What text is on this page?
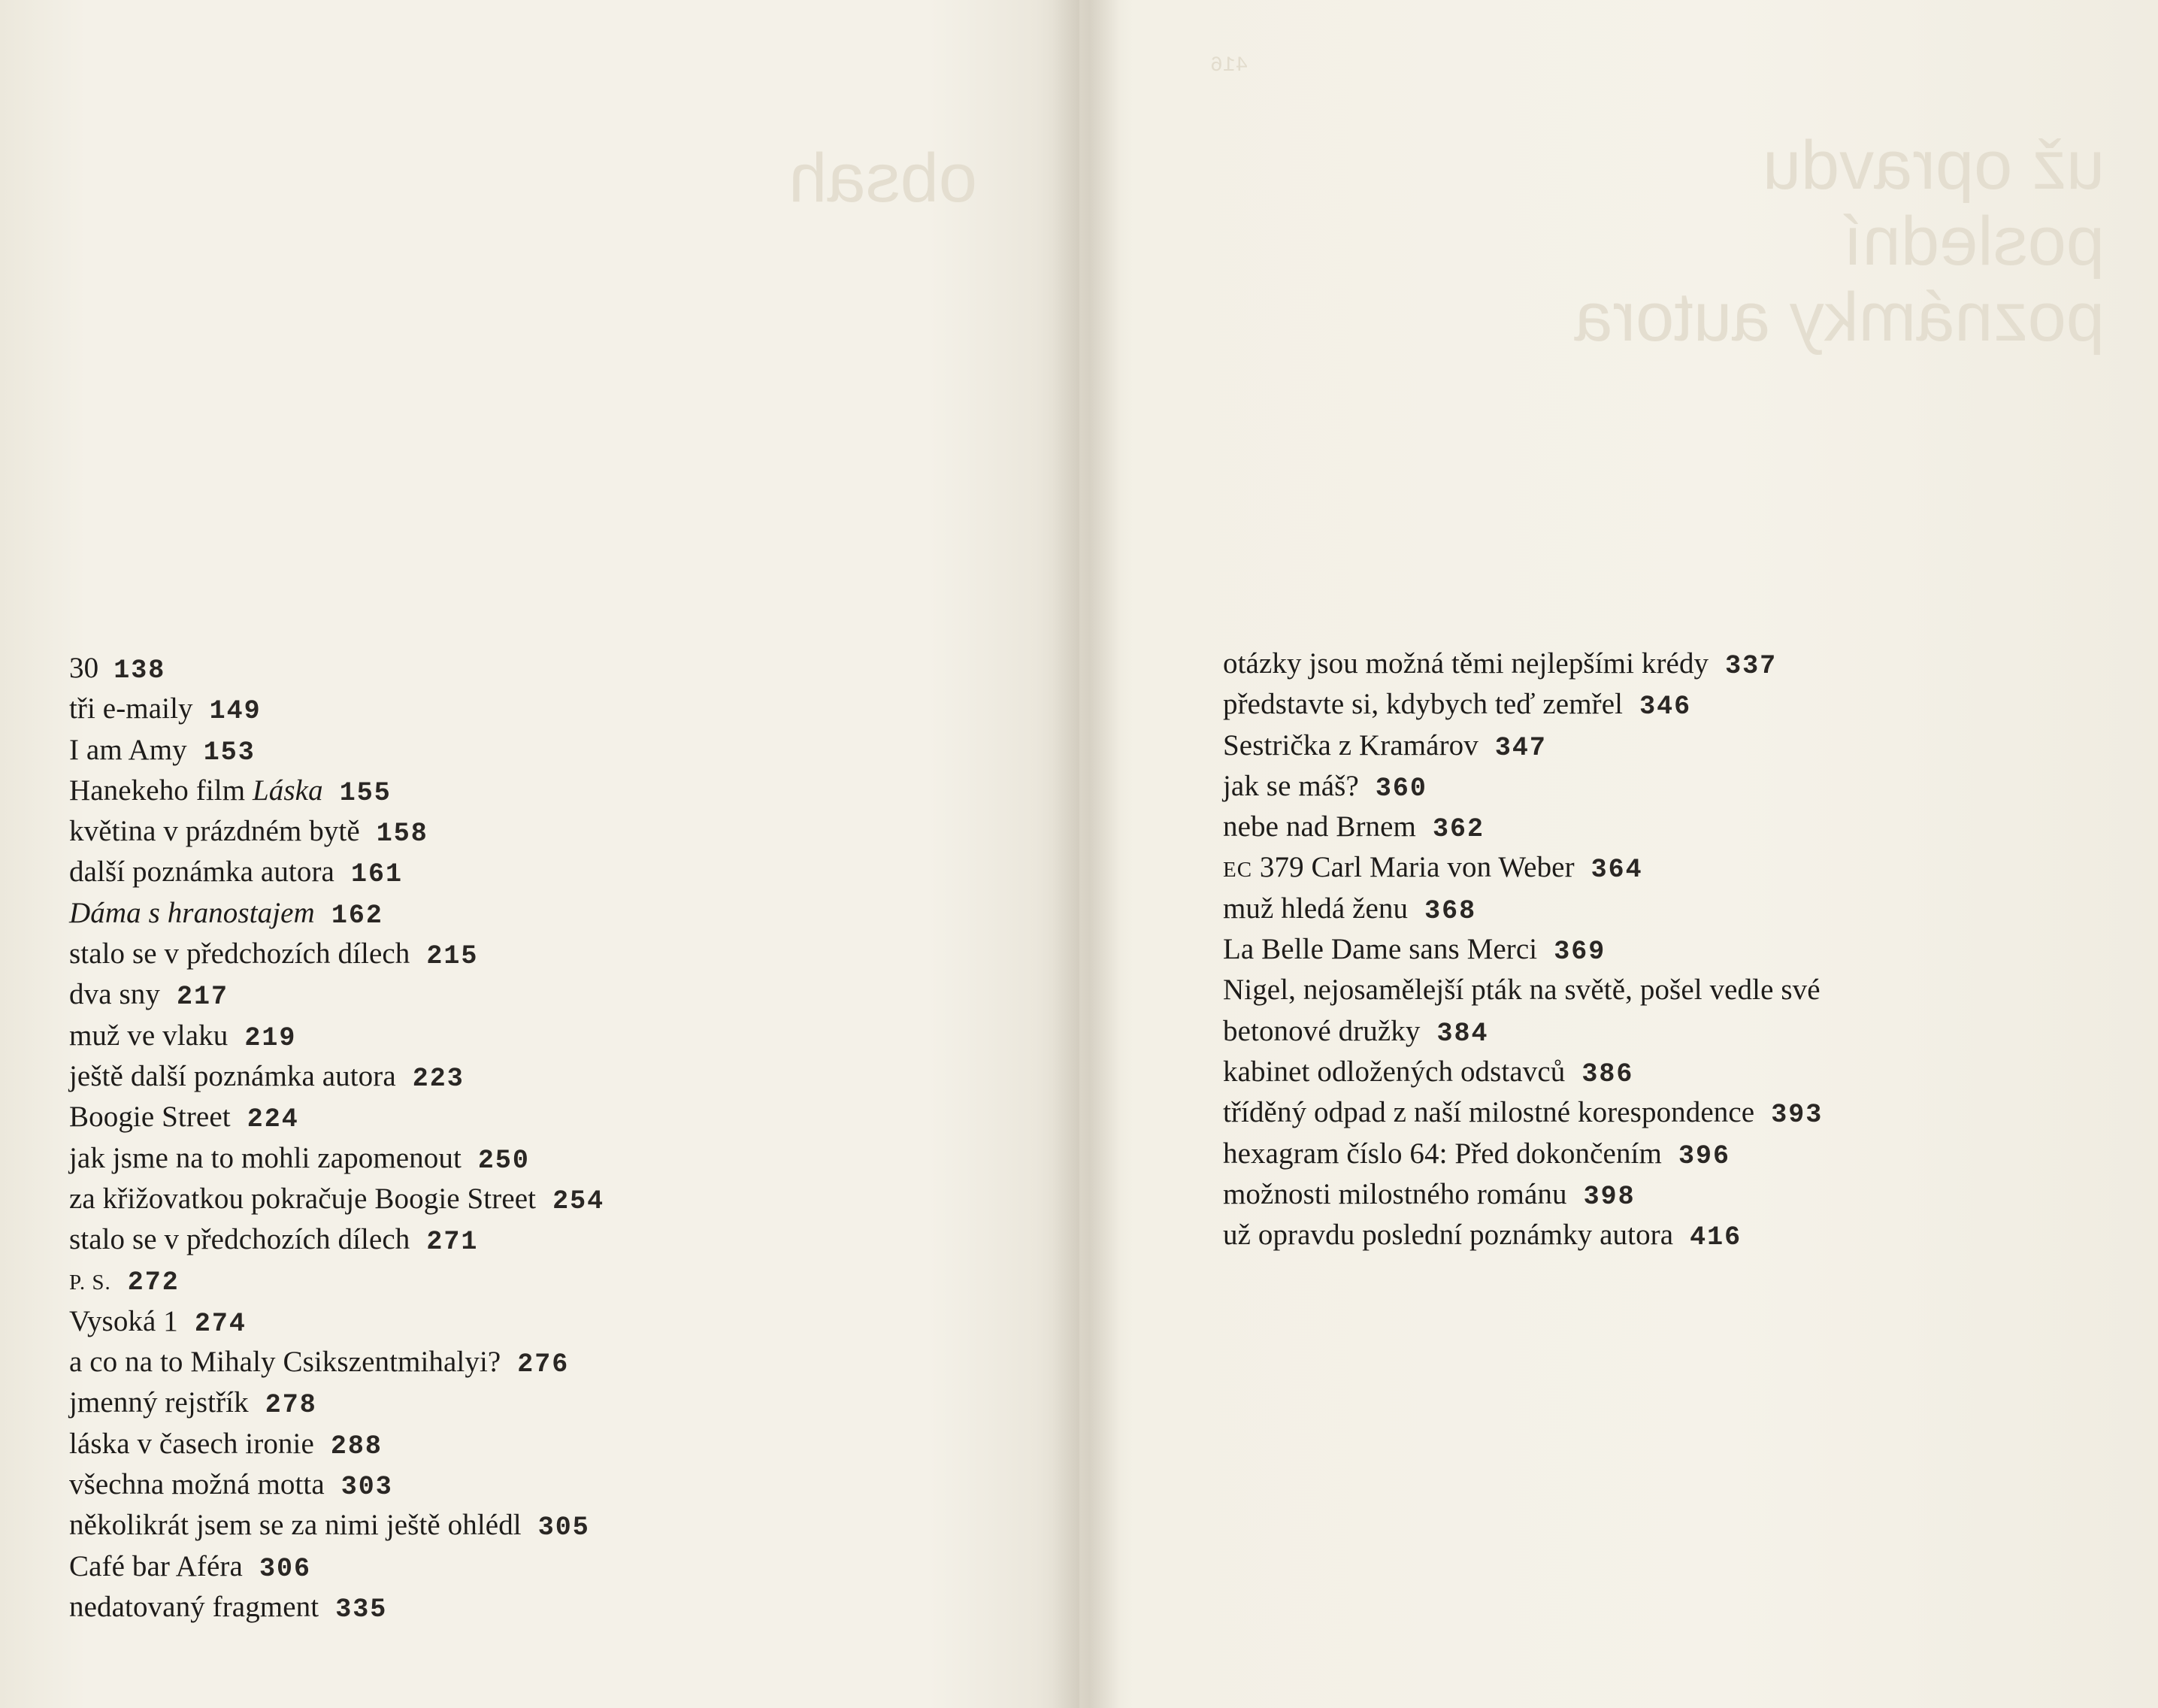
obsah
416
už opravdu
poslední
poznámky autora
30 138
tři e-maily 149
I am Amy 153
Hanekeho film Láska 155
květina v prázdném bytě 158
další poznámka autora 161
Dáma s hranostajem 162
stalo se v předchozích dílech 215
dva sny 217
muž ve vlaku 219
ještě další poznámka autora 223
Boogie Street 224
jak jsme na to mohli zapomenout 250
za křižovatkou pokračuje Boogie Street 254
stalo se v předchozích dílech 271
P. S. 272
Vysoká 1 274
a co na to Mihaly Csikszentmihalyi? 276
jmenný rejstřík 278
láska v časech ironie 288
všechna možná motta 303
několikrát jsem se za nimi ještě ohlédl 305
Café bar Aféra 306
nedatovaný fragment 335
otázky jsou možná těmi nejlepšími krédy 337
představte si, kdybych teď zemřel 346
Sestrička z Kramárov 347
jak se máš? 360
nebe nad Brnem 362
EC 379 Carl Maria von Weber 364
muž hledá ženu 368
La Belle Dame sans Merci 369
Nigel, nejosamělejší pták na světě, pošel vedle své
betonové družky 384
kabinet odložených odstavců 386
tříděný odpad z naší milostné korespondence 393
hexagram číslo 64: Před dokončením 396
možnosti milostného románu 398
už opravdu poslední poznámky autora 416
